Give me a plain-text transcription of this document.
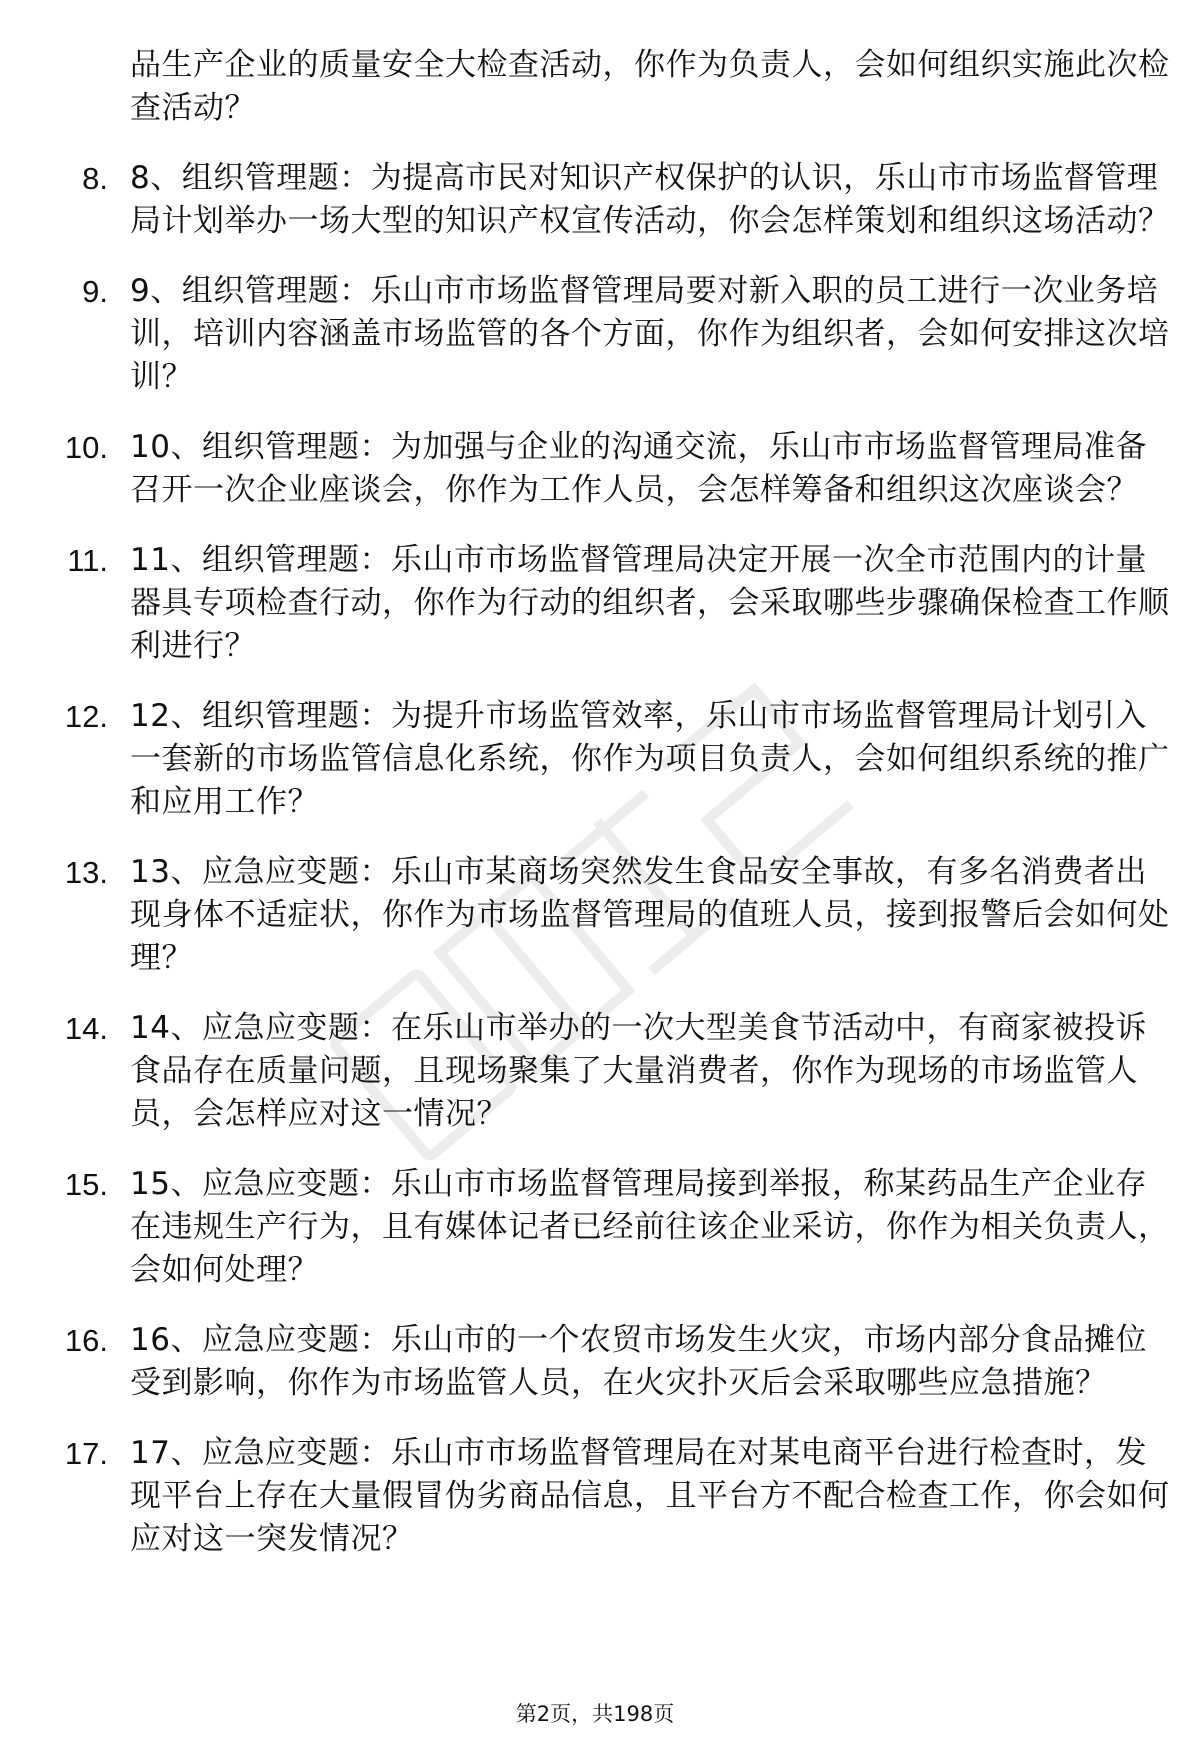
品生产企业的质量安全大检查活动，你作为负责人，会如何组织实施此次检查活动？
8. 8、组织管理题：为提高市民对知识产权保护的认识，乐山市市场监督管理局计划举办一场大型的知识产权宣传活动，你会怎样策划和组织这场活动？
9. 9、组织管理题：乐山市市场监督管理局要对新入职的员工进行一次业务培训，培训内容涵盖市场监管的各个方面，你作为组织者，会如何安排这次培训？
10. 10、组织管理题：为加强与企业的沟通交流，乐山市市场监督管理局准备召开一次企业座谈会，你作为工作人员，会怎样筹备和组织这次座谈会？
11. 11、组织管理题：乐山市市场监督管理局决定开展一次全市范围内的计量器具专项检查行动，你作为行动的组织者，会采取哪些步骤确保检查工作顺利进行？
12. 12、组织管理题：为提升市场监管效率，乐山市市场监督管理局计划引入一套新的市场监管信息化系统，你作为项目负责人，会如何组织系统的推广和应用工作？
13. 13、应急应变题：乐山市某商场突然发生食品安全事故，有多名消费者出现身体不适症状，你作为市场监督管理局的值班人员，接到报警后会如何处理？
14. 14、应急应变题：在乐山市举办的一次大型美食节活动中，有商家被投诉食品存在质量问题，且现场聚集了大量消费者，你作为现场的市场监管人员，会怎样应对这一情况？
15. 15、应急应变题：乐山市市场监督管理局接到举报，称某药品生产企业存在违规生产行为，且有媒体记者已经前往该企业采访，你作为相关负责人，会如何处理？
16. 16、应急应变题：乐山市的一个农贸市场发生火灾，市场内部分食品摊位受到影响，你作为市场监管人员，在火灾扑灭后会采取哪些应急措施？
17. 17、应急应变题：乐山市市场监督管理局在对某电商平台进行检查时，发现平台上存在大量假冒伪劣商品信息，且平台方不配合检查工作，你会如何应对这一突发情况？
第2页，共198页
